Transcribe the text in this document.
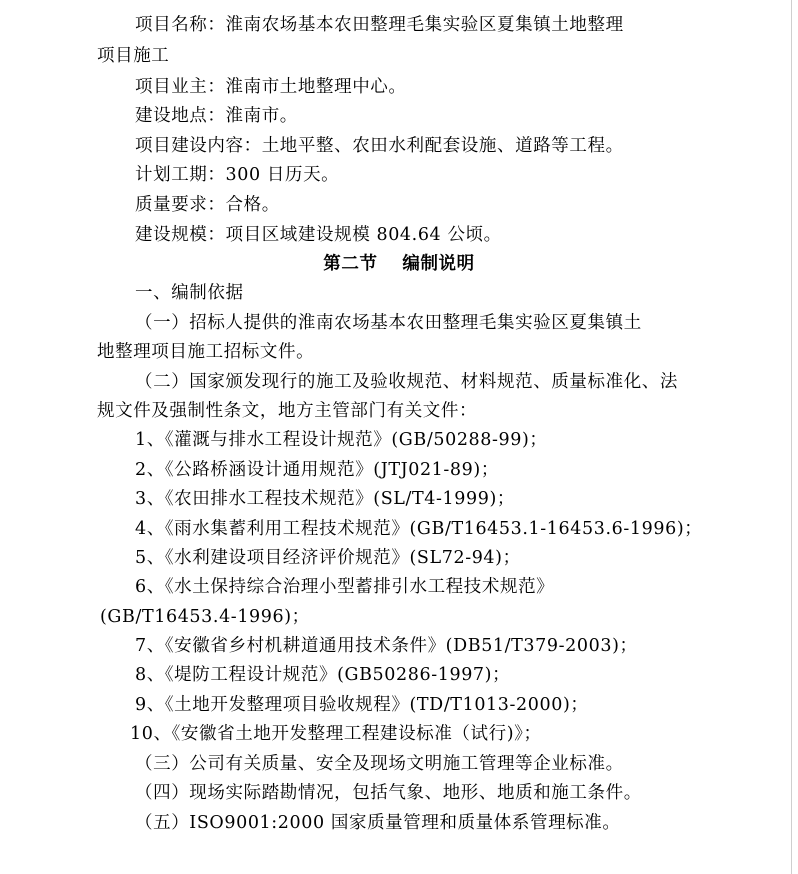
项目名称：淮南农场基本农田整理毛集实验区夏集镇土地整理
项目施工
项目业主：淮南市土地整理中心。
建设地点：淮南市。
项目建设内容：土地平整、农田水利配套设施、道路等工程。
计划工期：300 日历天。
质量要求：合格。
建设规模：项目区域建设规模 804.64 公顷。
第二节　 编制说明
一、编制依据
（一）招标人提供的淮南农场基本农田整理毛集实验区夏集镇土
地整理项目施工招标文件。
（二）国家颁发现行的施工及验收规范、材料规范、质量标准化、法
规文件及强制性条文，地方主管部门有关文件：
1、《灌溉与排水工程设计规范》(GB/50288-99)；
2、《公路桥涵设计通用规范》(JTJ021-89)；
3、《农田排水工程技术规范》(SL/T4-1999)；
4、《雨水集蓄利用工程技术规范》(GB/T16453.1-16453.6-1996)；
5、《水利建设项目经济评价规范》(SL72-94)；
6、《水土保持综合治理小型蓄排引水工程技术规范》
(GB/T16453.4-1996)；
7、《安徽省乡村机耕道通用技术条件》(DB51/T379-2003)；
8、《堤防工程设计规范》(GB50286-1997)；
9、《土地开发整理项目验收规程》(TD/T1013-2000)；
10、《安徽省土地开发整理工程建设标准（试行)》；
（三）公司有关质量、安全及现场文明施工管理等企业标准。
（四）现场实际踏勘情况，包括气象、地形、地质和施工条件。
（五）ISO9001:2000 国家质量管理和质量体系管理标准。
